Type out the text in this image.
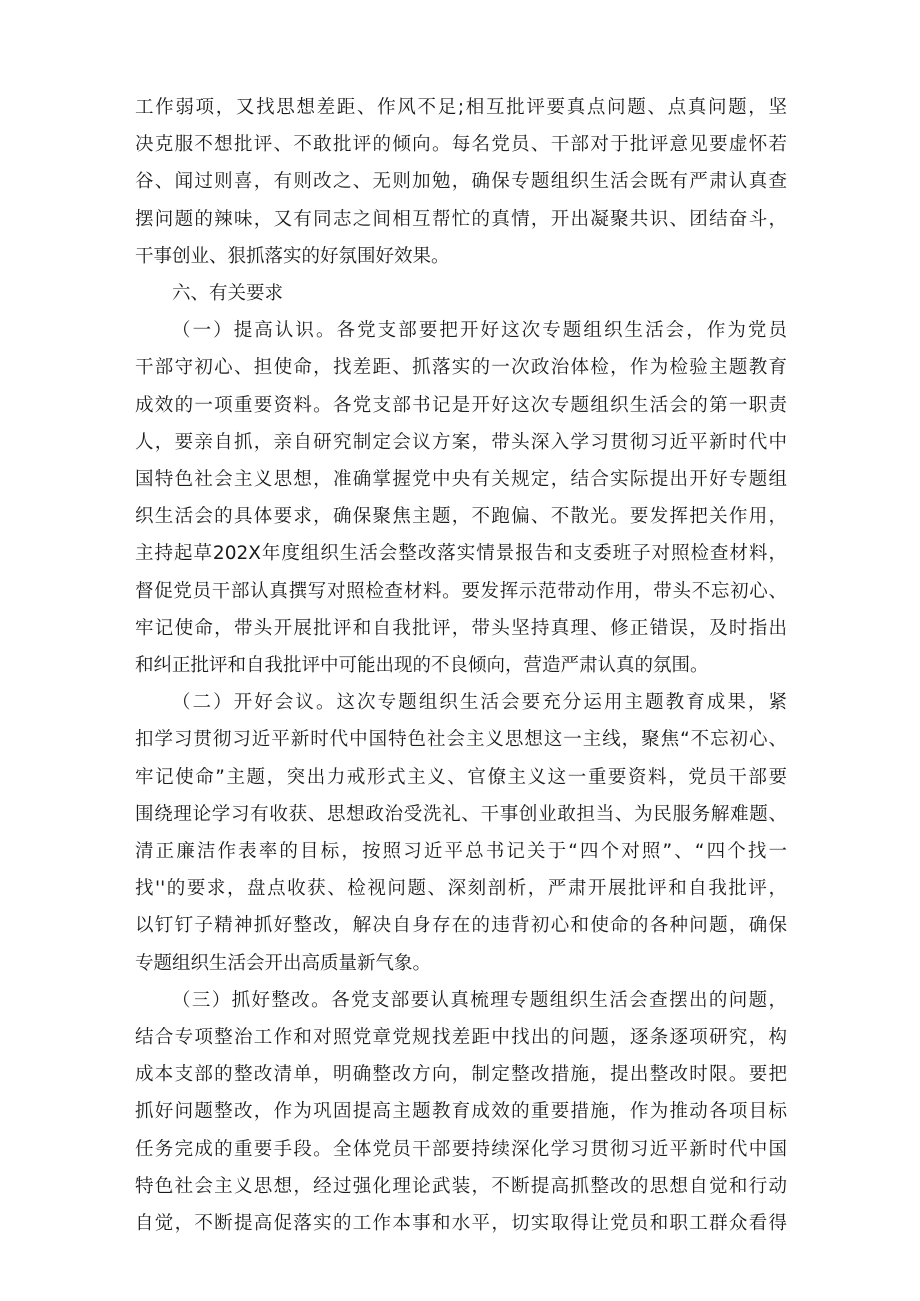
工作弱项，又找思想差距、作风不足;相互批评要真点问题、点真问题，坚
决克服不想批评、不敢批评的倾向。每名党员、干部对于批评意见要虚怀若
谷、闻过则喜，有则改之、无则加勉，确保专题组织生活会既有严肃认真查
摆问题的辣味，又有同志之间相互帮忙的真情，开出凝聚共识、团结奋斗，
干事创业、狠抓落实的好氛围好效果。
六、有关要求
（一）提高认识。各党支部要把开好这次专题组织生活会，作为党员
干部守初心、担使命，找差距、抓落实的一次政治体检，作为检验主题教育
成效的一项重要资料。各党支部书记是开好这次专题组织生活会的第一职责
人，要亲自抓，亲自研究制定会议方案，带头深入学习贯彻习近平新时代中
国特色社会主义思想，准确掌握党中央有关规定，结合实际提出开好专题组
织生活会的具体要求，确保聚焦主题，不跑偏、不散光。要发挥把关作用，
主持起草202X年度组织生活会整改落实情景报告和支委班子对照检查材料，
督促党员干部认真撰写对照检查材料。要发挥示范带动作用，带头不忘初心、
牢记使命，带头开展批评和自我批评，带头坚持真理、修正错误，及时指出
和纠正批评和自我批评中可能出现的不良倾向，营造严肃认真的氛围。
（二）开好会议。这次专题组织生活会要充分运用主题教育成果，紧
扣学习贯彻习近平新时代中国特色社会主义思想这一主线，聚焦“不忘初心、
牢记使命”主题，突出力戒形式主义、官僚主义这一重要资料，党员干部要
围绕理论学习有收获、思想政治受洗礼、干事创业敢担当、为民服务解难题、
清正廉洁作表率的目标，按照习近平总书记关于“四个对照”、“四个找一
找''的要求，盘点收获、检视问题、深刻剖析，严肃开展批评和自我批评，
以钉钉子精神抓好整改，解决自身存在的违背初心和使命的各种问题，确保
专题组织生活会开出高质量新气象。
（三）抓好整改。各党支部要认真梳理专题组织生活会查摆出的问题，
结合专项整治工作和对照党章党规找差距中找出的问题，逐条逐项研究，构
成本支部的整改清单，明确整改方向，制定整改措施，提出整改时限。要把
抓好问题整改，作为巩固提高主题教育成效的重要措施，作为推动各项目标
任务完成的重要手段。全体党员干部要持续深化学习贯彻习近平新时代中国
特色社会主义思想，经过强化理论武装，不断提高抓整改的思想自觉和行动
自觉，不断提高促落实的工作本事和水平，切实取得让党员和职工群众看得
